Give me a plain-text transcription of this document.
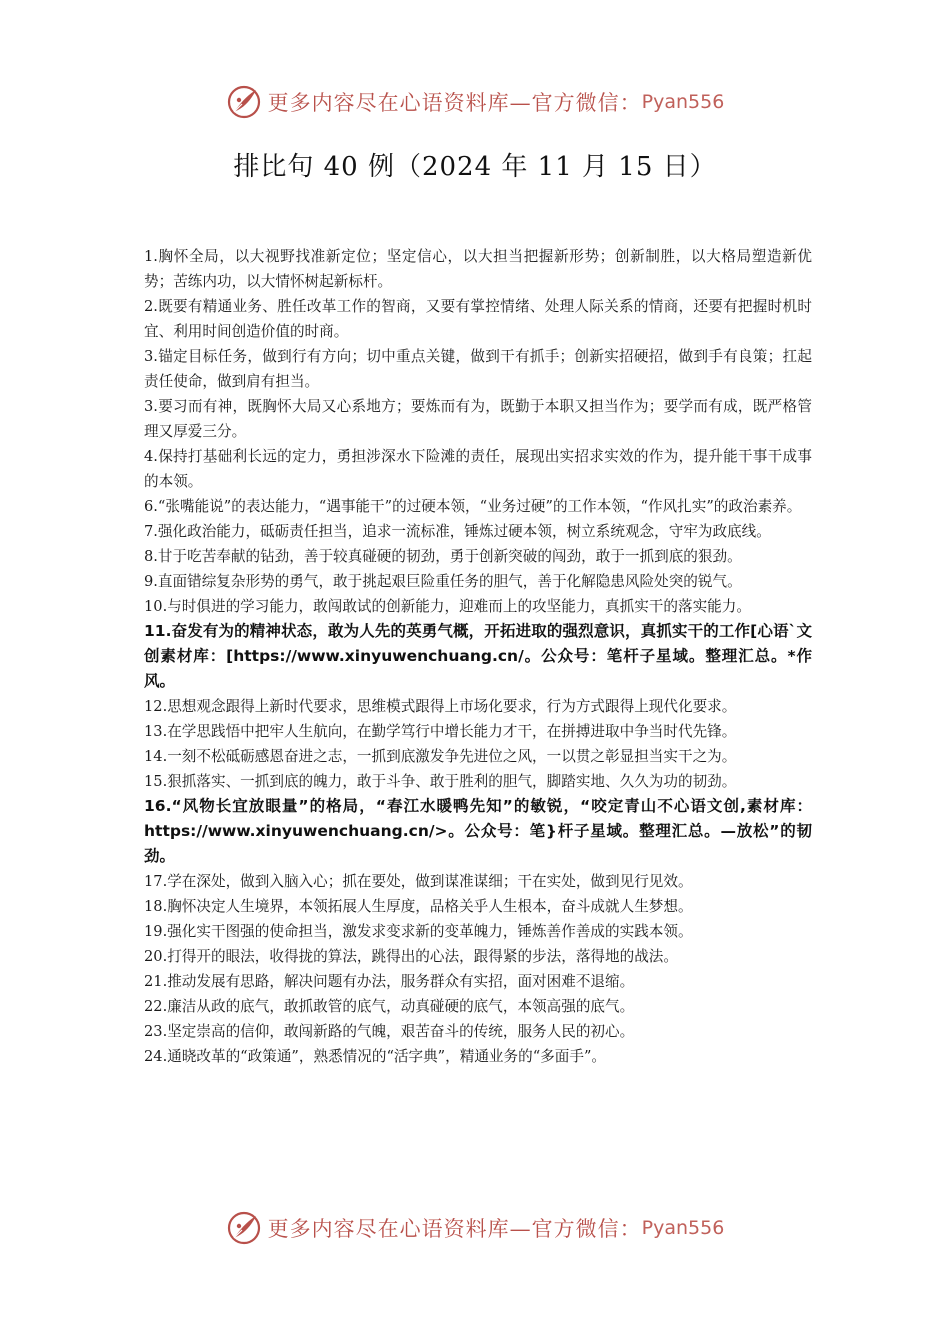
更多内容尽在心语资料库—官方微信： Pyan556
排比句 40 例（2024 年 11 月 15 日）

1.胸怀全局，以大视野找准新定位；坚定信心，以大担当把握新形势；创新制胜，以大格局塑造新优势；苦练内功，以大情怀树起新标杆。

2.既要有精通业务、胜任改革工作的智商，又要有掌控情绪、处理人际关系的情商，还要有把握时机时宜、利用时间创造价值的时商。

3.锚定目标任务，做到行有方向；切中重点关键，做到干有抓手；创新实招硬招，做到手有良策；扛起责任使命，做到肩有担当。

3.要习而有神，既胸怀大局又心系地方；要炼而有为，既勤于本职又担当作为；要学而有成，既严格管理又厚爱三分。

4.保持打基础利长远的定力，勇担涉深水下险滩的责任，展现出实招求实效的作为，提升能干事干成事的本领。

6.“张嘴能说”的表达能力，“遇事能干”的过硬本领，“业务过硬”的工作本领，“作风扎实”的政治素养。

7.强化政治能力，砥砺责任担当，追求一流标准，锤炼过硬本领，树立系统观念，守牢为政底线。

8.甘于吃苦奉献的钻劲，善于较真碰硬的韧劲，勇于创新突破的闯劲，敢于一抓到底的狠劲。

9.直面错综复杂形势的勇气，敢于挑起艰巨险重任务的胆气，善于化解隐患风险处突的锐气。

10.与时俱进的学习能力，敢闯敢试的创新能力，迎难而上的攻坚能力，真抓实干的落实能力。

11.奋发有为的精神状态，敢为人先的英勇气概，开拓进取的强烈意识，真抓实干的工作[心语`文创素材库：[https://www.xinyuwenchuang.cn/。公众号：笔杆子星域。整理汇总。*作风。

12.思想观念跟得上新时代要求，思维模式跟得上市场化要求，行为方式跟得上现代化要求。

13.在学思践悟中把牢人生航向，在勤学笃行中增长能力才干，在拼搏进取中争当时代先锋。

14.一刻不松砥砺感恩奋进之志，一抓到底激发争先进位之风，一以贯之彰显担当实干之为。

15.狠抓落实、一抓到底的魄力，敢于斗争、敢于胜利的胆气，脚踏实地、久久为功的韧劲。

16.“风物长宜放眼量”的格局，“春江水暖鸭先知”的敏锐，“咬定青山不心语文创,素材库：https://www.xinyuwenchuang.cn/>。公众号：笔}杆子星域。整理汇总。—放松”的韧劲。

17.学在深处，做到入脑入心；抓在要处，做到谋准谋细；干在实处，做到见行见效。

18.胸怀决定人生境界，本领拓展人生厚度，品格关乎人生根本，奋斗成就人生梦想。

19.强化实干图强的使命担当，激发求变求新的变革魄力，锤炼善作善成的实践本领。

20.打得开的眼法，收得拢的算法，跳得出的心法，跟得紧的步法，落得地的战法。

21.推动发展有思路，解决问题有办法，服务群众有实招，面对困难不退缩。

22.廉洁从政的底气，敢抓敢管的底气，动真碰硬的底气，本领高强的底气。

23.坚定崇高的信仰，敢闯新路的气魄，艰苦奋斗的传统，服务人民的初心。

24.通晓改革的“政策通”，熟悉情况的“活字典”，精通业务的“多面手”。

更多内容尽在心语资料库—官方微信： Pyan556
